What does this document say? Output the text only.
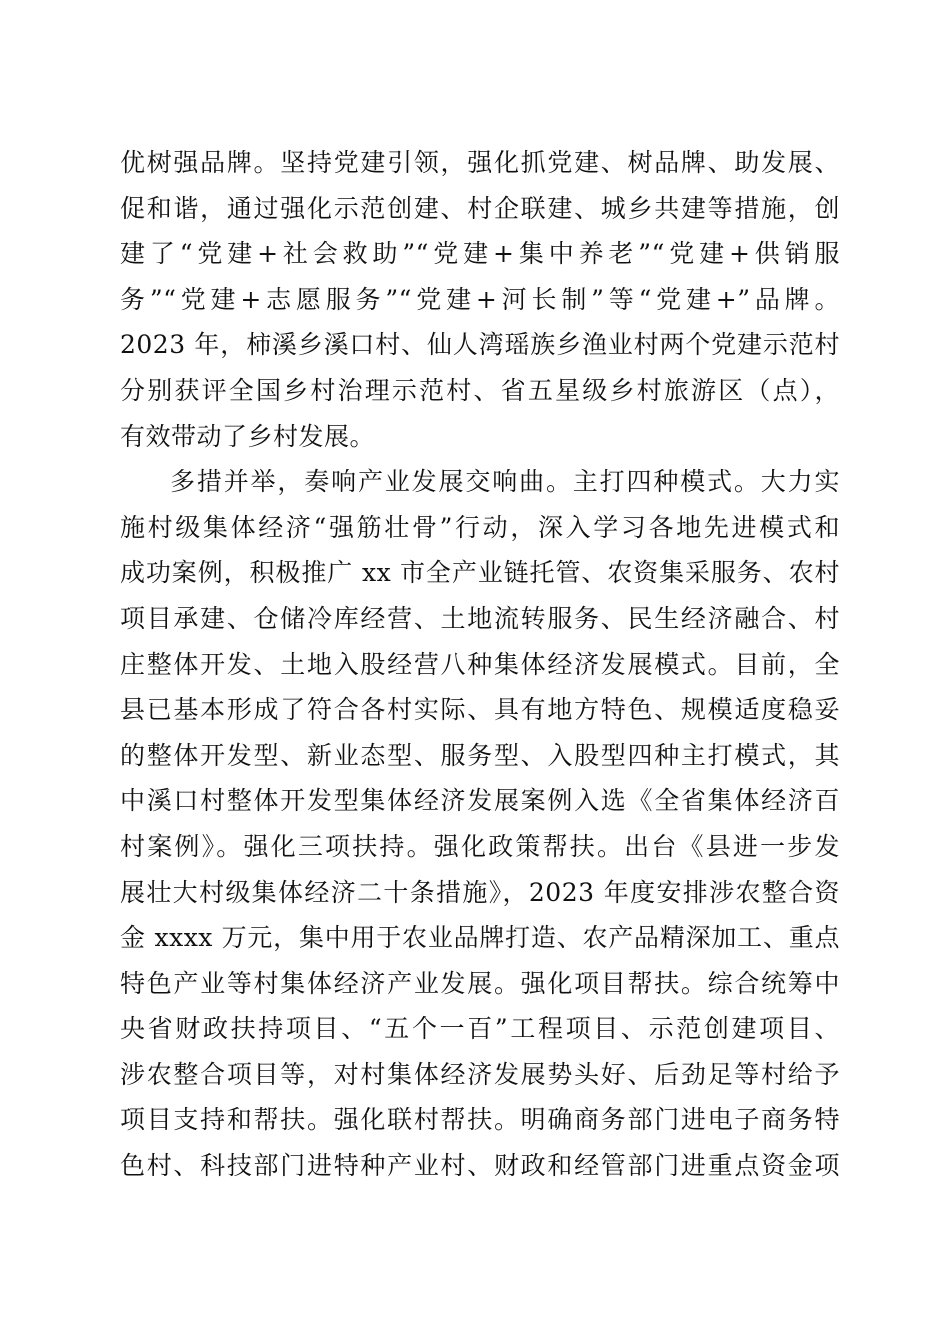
优树强品牌。坚持党建引领，强化抓党建、树品牌、助发展、
促和谐，通过强化示范创建、村企联建、城乡共建等措施，创
建了“党建+社会救助”“党建+集中养老”“党建+供销服
务”“党建+志愿服务”“党建+河长制”等“党建+”品牌。
2023 年，柿溪乡溪口村、仙人湾瑶族乡渔业村两个党建示范村
分别获评全国乡村治理示范村、省五星级乡村旅游区（点），
有效带动了乡村发展。
多措并举，奏响产业发展交响曲。主打四种模式。大力实
施村级集体经济“强筋壮骨”行动，深入学习各地先进模式和
成功案例，积极推广 xx 市全产业链托管、农资集采服务、农村
项目承建、仓储冷库经营、土地流转服务、民生经济融合、村
庄整体开发、土地入股经营八种集体经济发展模式。目前，全
县已基本形成了符合各村实际、具有地方特色、规模适度稳妥
的整体开发型、新业态型、服务型、入股型四种主打模式，其
中溪口村整体开发型集体经济发展案例入选《全省集体经济百
村案例》。强化三项扶持。强化政策帮扶。出台《县进一步发
展壮大村级集体经济二十条措施》，2023 年度安排涉农整合资
金 xxxx 万元，集中用于农业品牌打造、农产品精深加工、重点
特色产业等村集体经济产业发展。强化项目帮扶。综合统筹中
央省财政扶持项目、“五个一百”工程项目、示范创建项目、
涉农整合项目等，对村集体经济发展势头好、后劲足等村给予
项目支持和帮扶。强化联村帮扶。明确商务部门进电子商务特
色村、科技部门进特种产业村、财政和经管部门进重点资金项
